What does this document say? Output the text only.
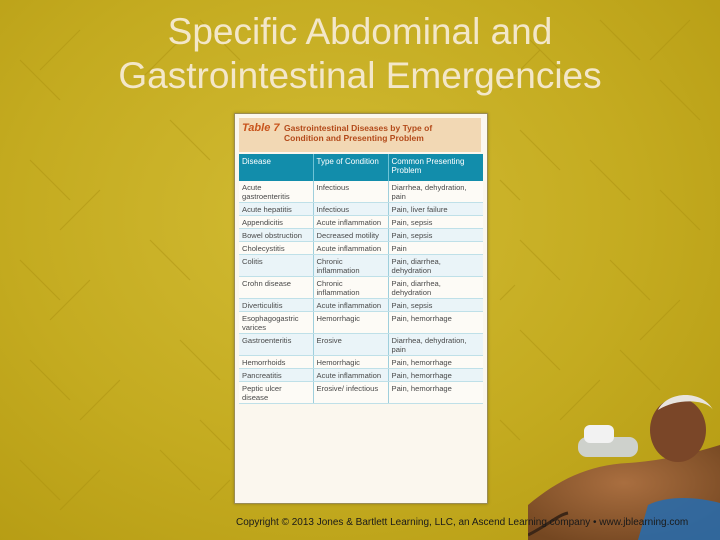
Specific Abdominal and
Gastrointestinal Emergencies
Table 7 Gastrointestinal Diseases by Type of Condition and Presenting Problem
Disease	Type of Condition	Common Presenting Problem
Acute gastroenteritis	Infectious	Diarrhea, dehydration, pain
Acute hepatitis	Infectious	Pain, liver failure
Appendicitis	Acute inflammation	Pain, sepsis
Bowel obstruction	Decreased motility	Pain, sepsis
Cholecystitis	Acute inflammation	Pain
Colitis	Chronic inflammation	Pain, diarrhea, dehydration
Crohn disease	Chronic inflammation	Pain, diarrhea, dehydration
Diverticulitis	Acute inflammation	Pain, sepsis
Esophagogastric varices	Hemorrhagic	Pain, hemorrhage
Gastroenteritis	Erosive	Diarrhea, dehydration, pain
Hemorrhoids	Hemorrhagic	Pain, hemorrhage
Pancreatitis	Acute inflammation	Pain, hemorrhage
Peptic ulcer disease	Erosive/ infectious	Pain, hemorrhage
Copyright © 2013 Jones & Bartlett Learning, LLC, an Ascend Learning company • www.jblearning.com
